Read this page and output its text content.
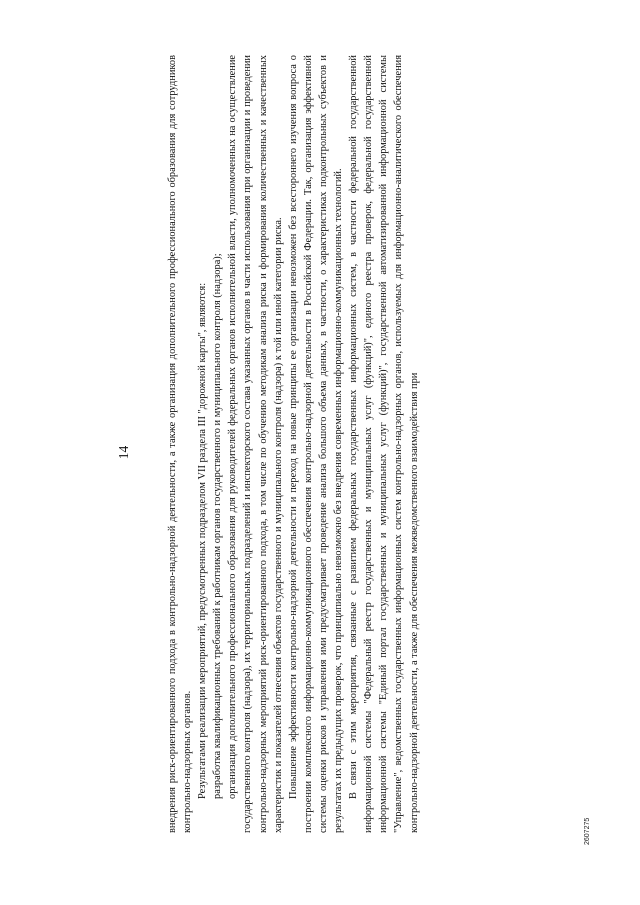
14	внедрения риск-ориентированного подхода в контрольно-надзорной деятельности, а также организация дополнительного профессионального образования для сотрудников контрольно-надзорных органов. Результатами реализации мероприятий, предусмотренных подразделом VII раздела III "дорожной карты", являются: разработка квалификационных требований к работникам органов государственного и муниципального контроля (надзора); организация дополнительного профессионального образования для руководителей федеральных органов исполнительной власти, уполномоченных на осуществление государственного контроля (надзора), их территориальных подразделений и инспекторского состава указанных органов в части использования при организации и проведении контрольно-надзорных мероприятий риск-ориентированного подхода, в том числе по обучению методикам анализа риска и формирования количественных и качественных характеристик и показателей отнесения объектов государственного и муниципального контроля (надзора) к той или иной категории риска. Повышение эффективности контрольно-надзорной деятельности и переход на новые принципы ее организации невозможен без всестороннего изучения вопроса о построении комплексного информационно-коммуникационного обеспечения контрольно-надзорной деятельности в Российской Федерации. Так, организация эффективной системы оценки рисков и управления ими предусматривает проведение анализа большого объема данных, в частности, о характеристиках подконтрольных субъектов и результатах их предыдущих проверок, что принципиально невозможно без внедрения современных информационно-коммуникационных технологий. В связи с этим мероприятия, связанные с развитием федеральных государственных информационных систем, в частности федеральной государственной информационной системы "Федеральный реестр государственных и муниципальных услуг (функций)", единого реестра проверок, федеральной государственной информационной системы "Единый портал государственных и муниципальных услуг (функций)", государственной автоматизированной информационной системы "Управление", ведомственных государственных информационных систем контрольно-надзорных органов, используемых для информационно-аналитического обеспечения контрольно-надзорной деятельности, а также для обеспечения межведомственного взаимодействия при	2607275
